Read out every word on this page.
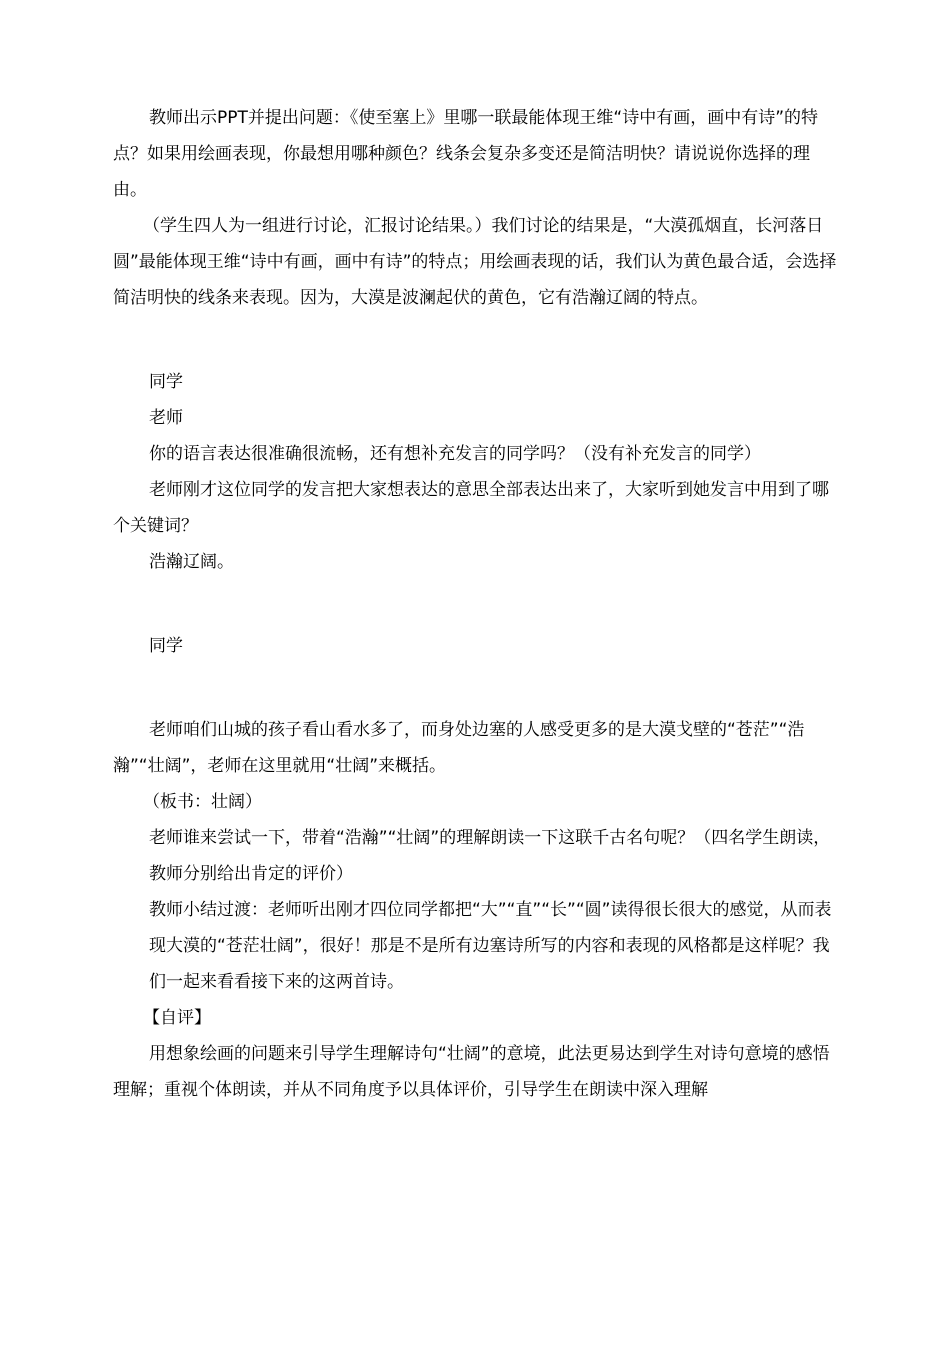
教师出示PPT并提出问题：《使至塞上》里哪一联最能体现王维“诗中有画，画中有诗”的特点？如果用绘画表现，你最想用哪种颜色？线条会复杂多变还是简洁明快？请说说你选择的理由。

（学生四人为一组进行讨论，汇报讨论结果。）我们讨论的结果是，“大漠孤烟直，长河落日圆”最能体现王维“诗中有画，画中有诗”的特点；用绘画表现的话，我们认为黄色最合适，会选择简洁明快的线条来表现。因为，大漠是波澜起伏的黄色，它有浩瀚辽阔的特点。

同学

老师

你的语言表达很准确很流畅，还有想补充发言的同学吗？（没有补充发言的同学）

老师刚才这位同学的发言把大家想表达的意思全部表达出来了，大家听到她发言中用到了哪个关键词？

浩瀚辽阔。

同学

老师咱们山城的孩子看山看水多了，而身处边塞的人感受更多的是大漠戈壁的“苍茫”“浩瀚”“壮阔”，老师在这里就用“壮阔”来概括。

（板书：壮阔）

老师谁来尝试一下，带着“浩瀚”“壮阔”的理解朗读一下这联千古名句呢？（四名学生朗读，教师分别给出肯定的评价）

教师小结过渡：老师听出刚才四位同学都把“大”“直”“长”“圆”读得很长很大的感觉，从而表现大漠的“苍茫壮阔”，很好！那是不是所有边塞诗所写的内容和表现的风格都是这样呢？我们一起来看看接下来的这两首诗。

【自评】

用想象绘画的问题来引导学生理解诗句“壮阔”的意境，此法更易达到学生对诗句意境的感悟理解；重视个体朗读，并从不同角度予以具体评价，引导学生在朗读中深入理解
